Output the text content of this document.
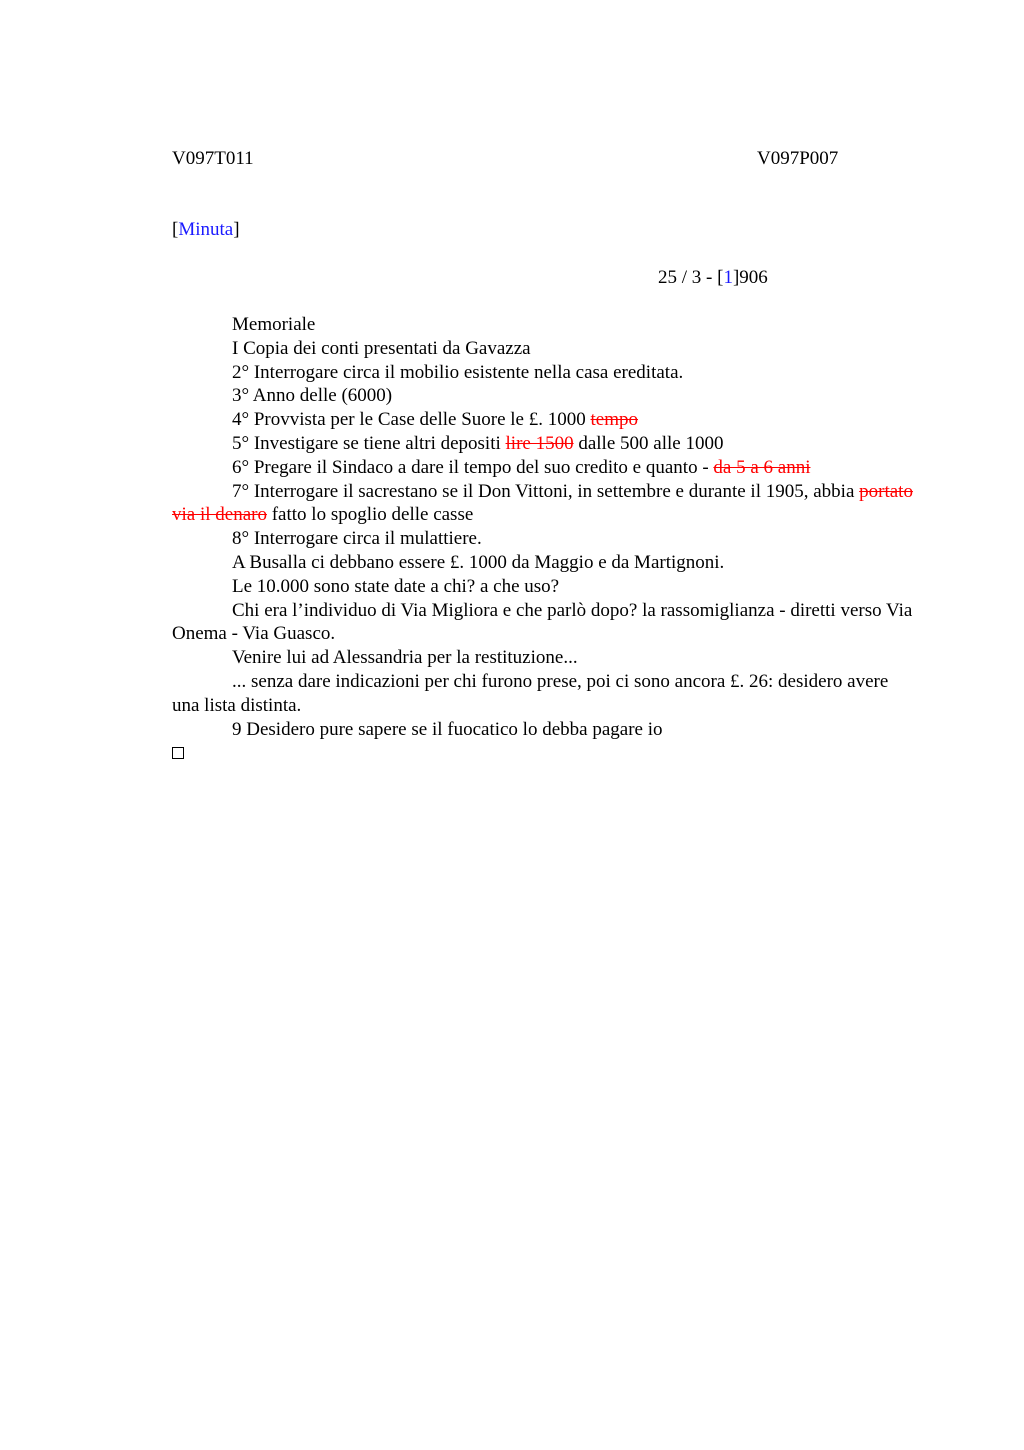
V097T011	V097P007
[Minuta]
25 / 3 - [1]906

Memoriale

I Copia dei conti presentati da Gavazza

2° Interrogare circa il mobilio esistente nella casa ereditata.

3° Anno delle (6000)

4° Provvista per le Case delle Suore le £. 1000 tempo

5° Investigare se tiene altri depositi lire 1500 dalle 500 alle 1000

6° Pregare il Sindaco a dare il tempo del suo credito e quanto - da 5 a 6 anni

7° Interrogare il sacrestano se il Don Vittoni, in settembre e durante il 1905, abbia portato via il denaro fatto lo spoglio delle casse

8° Interrogare circa il mulattiere.

A Busalla ci debbano essere £. 1000 da Maggio e da Martignoni.

Le 10.000 sono state date a chi? a che uso?

Chi era l’individuo di Via Migliora e che parlò dopo? la rassomiglianza - diretti verso Via Onema - Via Guasco.

Venire lui ad Alessandria per la restituzione...

... senza dare indicazioni per chi furono prese, poi ci sono ancora £. 26: desidero avere una lista distinta.

9 Desidero pure sapere se il fuocatico lo debba pagare io
